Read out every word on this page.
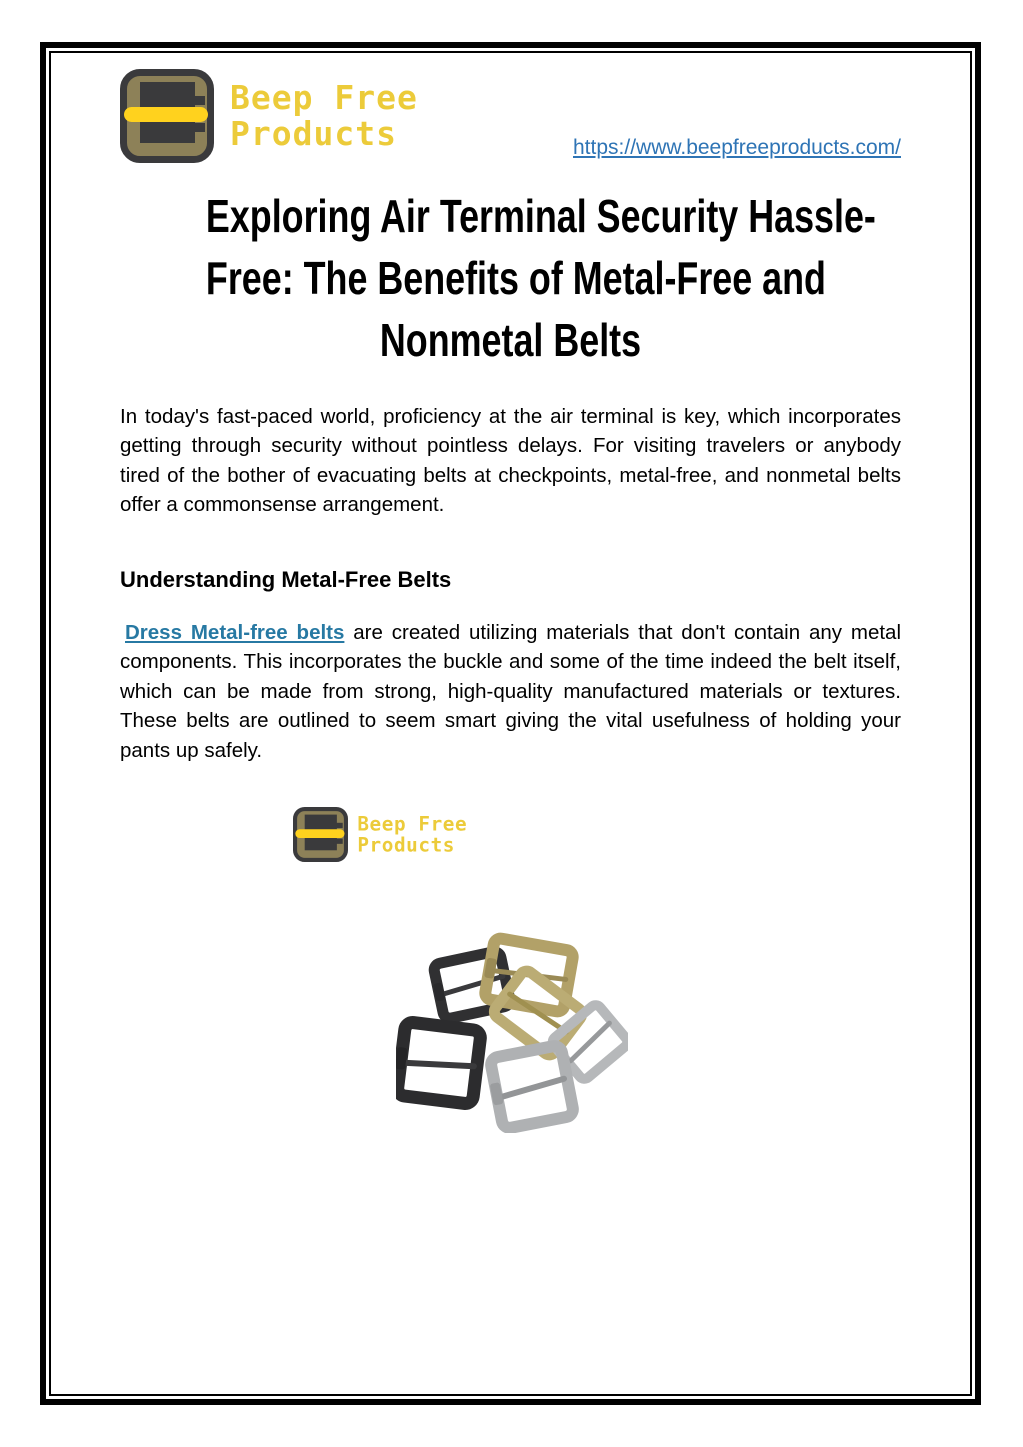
Beep Free
Products	https://www.beepfreeproducts.com/
Exploring Air Terminal Security Hassle-
Free: The Benefits of Metal-Free and
Nonmetal Belts

In today's fast-paced world, proficiency at the air terminal is key, which incorporates getting through security without pointless delays. For visiting travelers or anybody tired of the bother of evacuating belts at checkpoints, metal-free, and nonmetal belts offer a commonsense arrangement.

Understanding Metal-Free Belts

Dress Metal-free belts are created utilizing materials that don't contain any metal components. This incorporates the buckle and some of the time indeed the belt itself, which can be made from strong, high-quality manufactured materials or textures. These belts are outlined to seem smart giving the vital usefulness of holding your pants up safely.

Beep Free
Products
